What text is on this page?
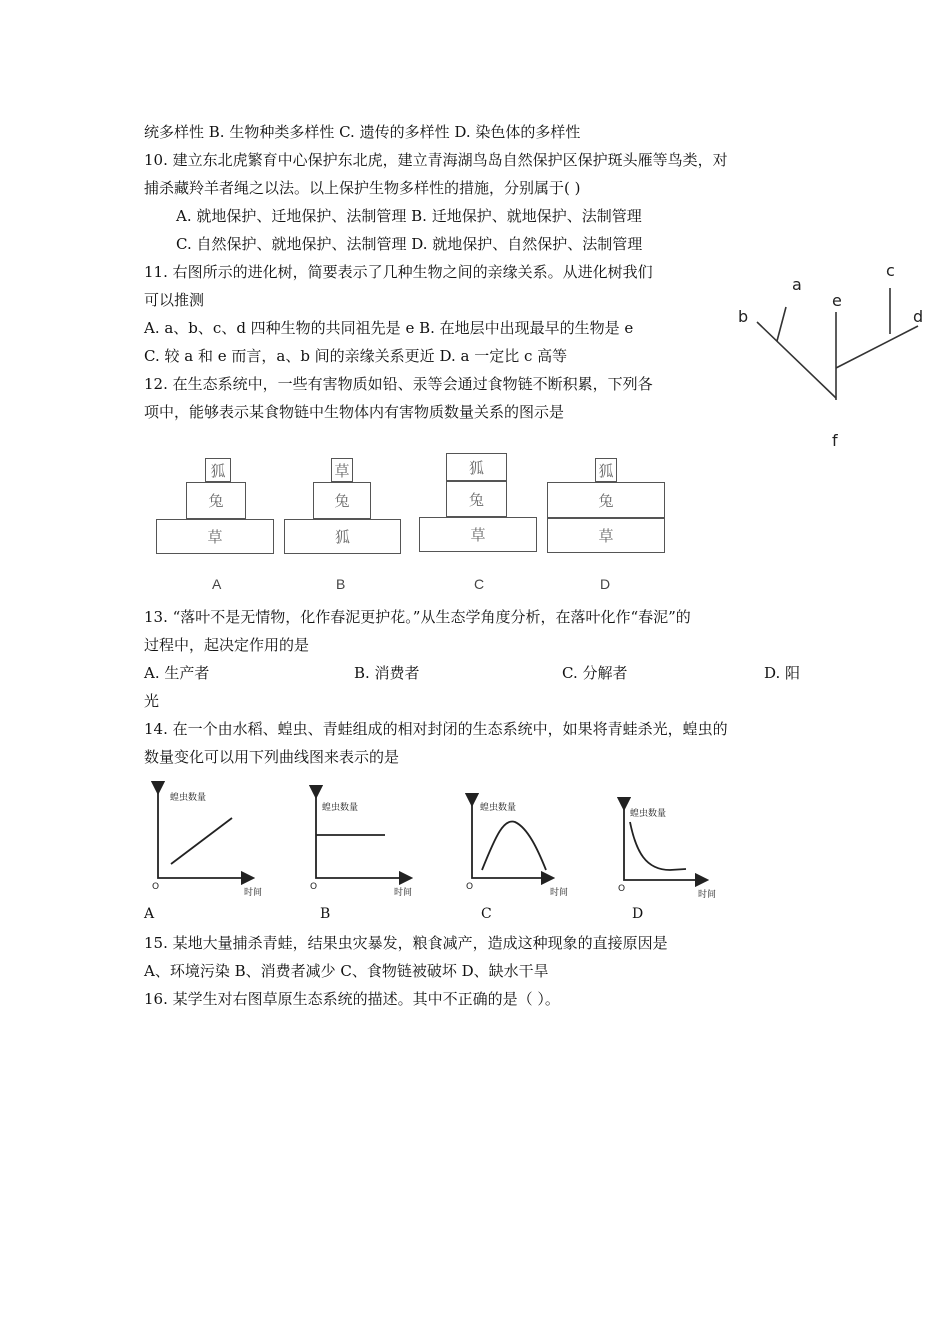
统多样性 B. 生物种类多样性 C. 遗传的多样性 D. 染色体的多样性
10. 建立东北虎繁育中心保护东北虎，建立青海湖鸟岛自然保护区保护斑头雁等鸟类，对
捕杀藏羚羊者绳之以法。以上保护生物多样性的措施，分别属于( )
A. 就地保护、迁地保护、法制管理 B. 迁地保护、就地保护、法制管理
C. 自然保护、就地保护、法制管理 D. 就地保护、自然保护、法制管理
11. 右图所示的进化树，简要表示了几种生物之间的亲缘关系。从进化树我们
可以推测
A. a、b、c、d 四种生物的共同祖先是 e B. 在地层中出现最早的生物是 e
C. 较 a 和 e 而言，a、b 间的亲缘关系更近 D. a 一定比 c 高等
a
b
c
d
e
f
12. 在生态系统中，一些有害物质如铅、汞等会通过食物链不断积累，下列各
项中，能够表示某食物链中生物体内有害物质数量关系的图示是
狐
兔
草
A
草
兔
狐
B
狐
兔
草
C
狐
兔
草
D
13. “落叶不是无情物，化作春泥更护花。”从生态学角度分析，在落叶化作“春泥”的
过程中，起决定作用的是
A. 生产者	B. 消费者	C. 分解者	D. 阳
光
14. 在一个由水稻、蝗虫、青蛙组成的相对封闭的生态系统中，如果将青蛙杀光，蝗虫的
数量变化可以用下列曲线图来表示的是
蝗虫数量
时间
O
蝗虫数量
时间
O
蝗虫数量
时间
O
蝗虫数量
时间
O
A	B	C	D
15. 某地大量捕杀青蛙，结果虫灾暴发，粮食减产，造成这种现象的直接原因是
A、环境污染 B、消费者减少 C、食物链被破坏 D、缺水干旱
16. 某学生对右图草原生态系统的描述。其中不正确的是（ ）。
